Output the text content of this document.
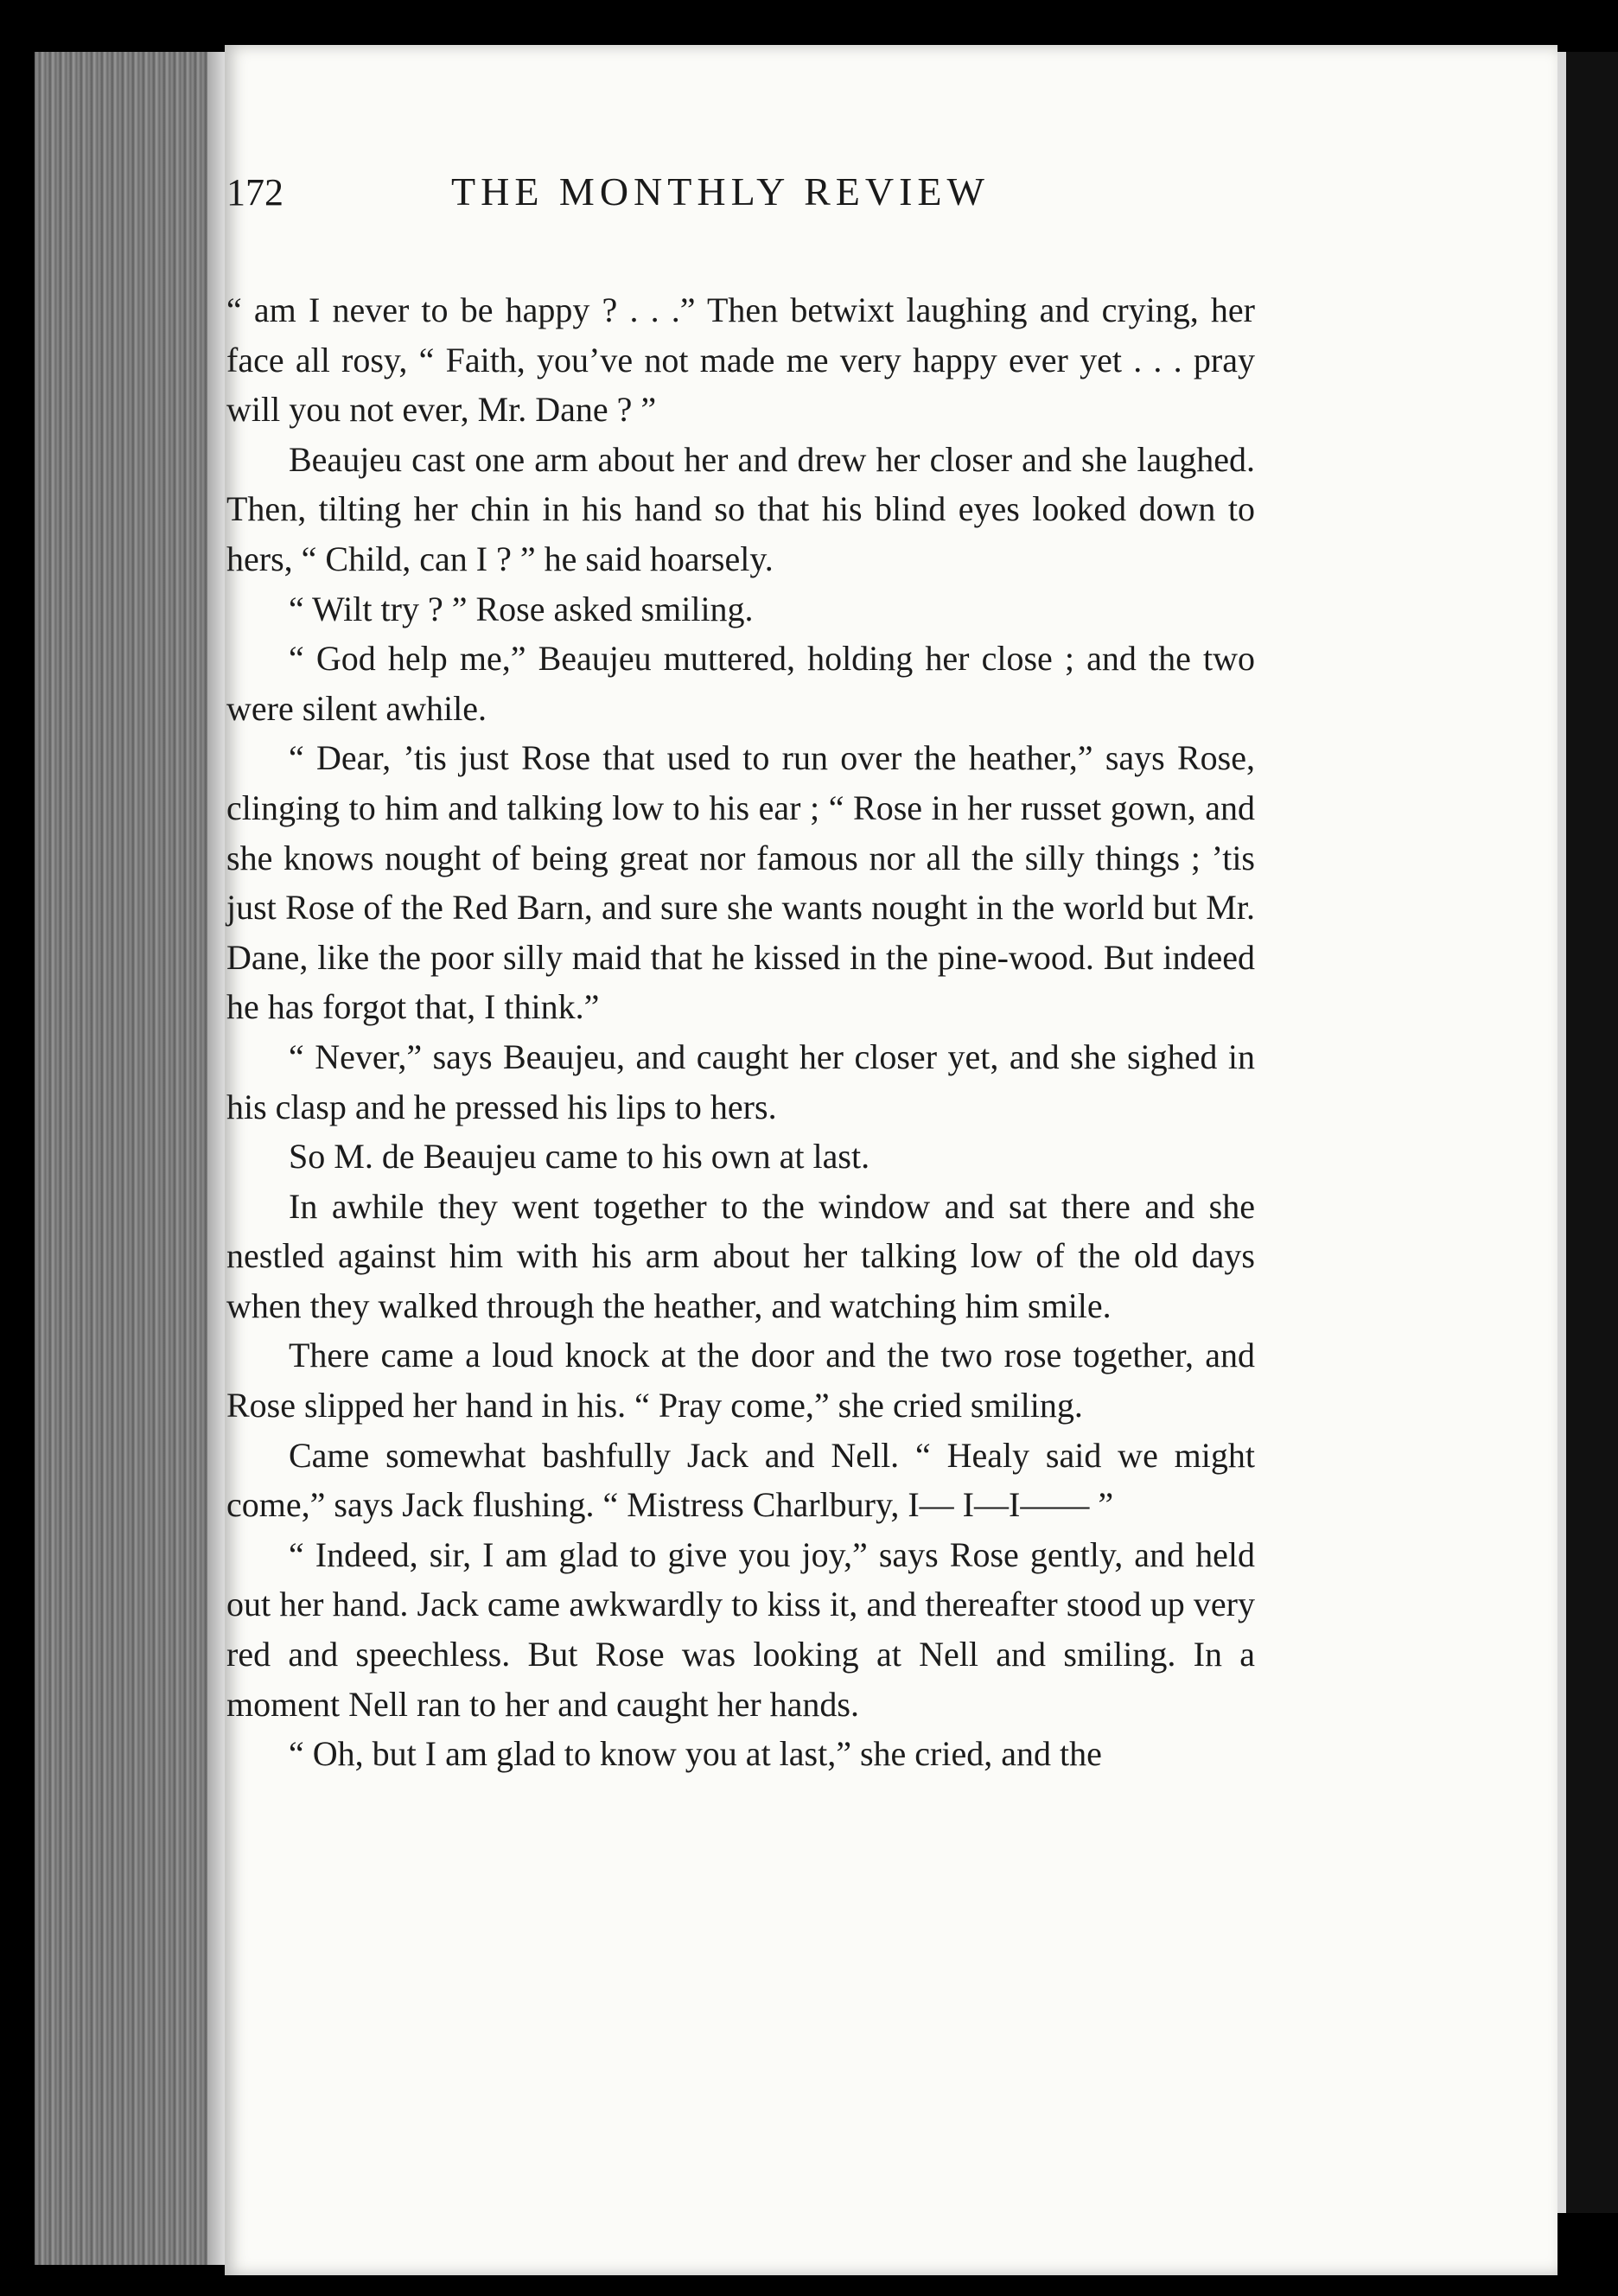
172	THE MONTHLY REVIEW

“ am I never to be happy ? . . .” Then betwixt laughing and crying, her face all rosy, “ Faith, you’ve not made me very happy ever yet . . . pray will you not ever, Mr. Dane ? ”

Beaujeu cast one arm about her and drew her closer and she laughed. Then, tilting her chin in his hand so that his blind eyes looked down to hers, “ Child, can I ? ” he said hoarsely.

“ Wilt try ? ” Rose asked smiling.

“ God help me,” Beaujeu muttered, holding her close ; and the two were silent awhile.

“ Dear, ’tis just Rose that used to run over the heather,” says Rose, clinging to him and talking low to his ear ; “ Rose in her russet gown, and she knows nought of being great nor famous nor all the silly things ; ’tis just Rose of the Red Barn, and sure she wants nought in the world but Mr. Dane, like the poor silly maid that he kissed in the pine-wood. But indeed he has forgot that, I think.”

“ Never,” says Beaujeu, and caught her closer yet, and she sighed in his clasp and he pressed his lips to hers.

So M. de Beaujeu came to his own at last.

In awhile they went together to the window and sat there and she nestled against him with his arm about her talking low of the old days when they walked through the heather, and watching him smile.

There came a loud knock at the door and the two rose together, and Rose slipped her hand in his. “ Pray come,” she cried smiling.

Came somewhat bashfully Jack and Nell. “ Healy said we might come,” says Jack flushing. “ Mistress Charlbury, I— I—I—— ”

“ Indeed, sir, I am glad to give you joy,” says Rose gently, and held out her hand. Jack came awkwardly to kiss it, and thereafter stood up very red and speechless. But Rose was looking at Nell and smiling. In a moment Nell ran to her and caught her hands.

“ Oh, but I am glad to know you at last,” she cried, and the
